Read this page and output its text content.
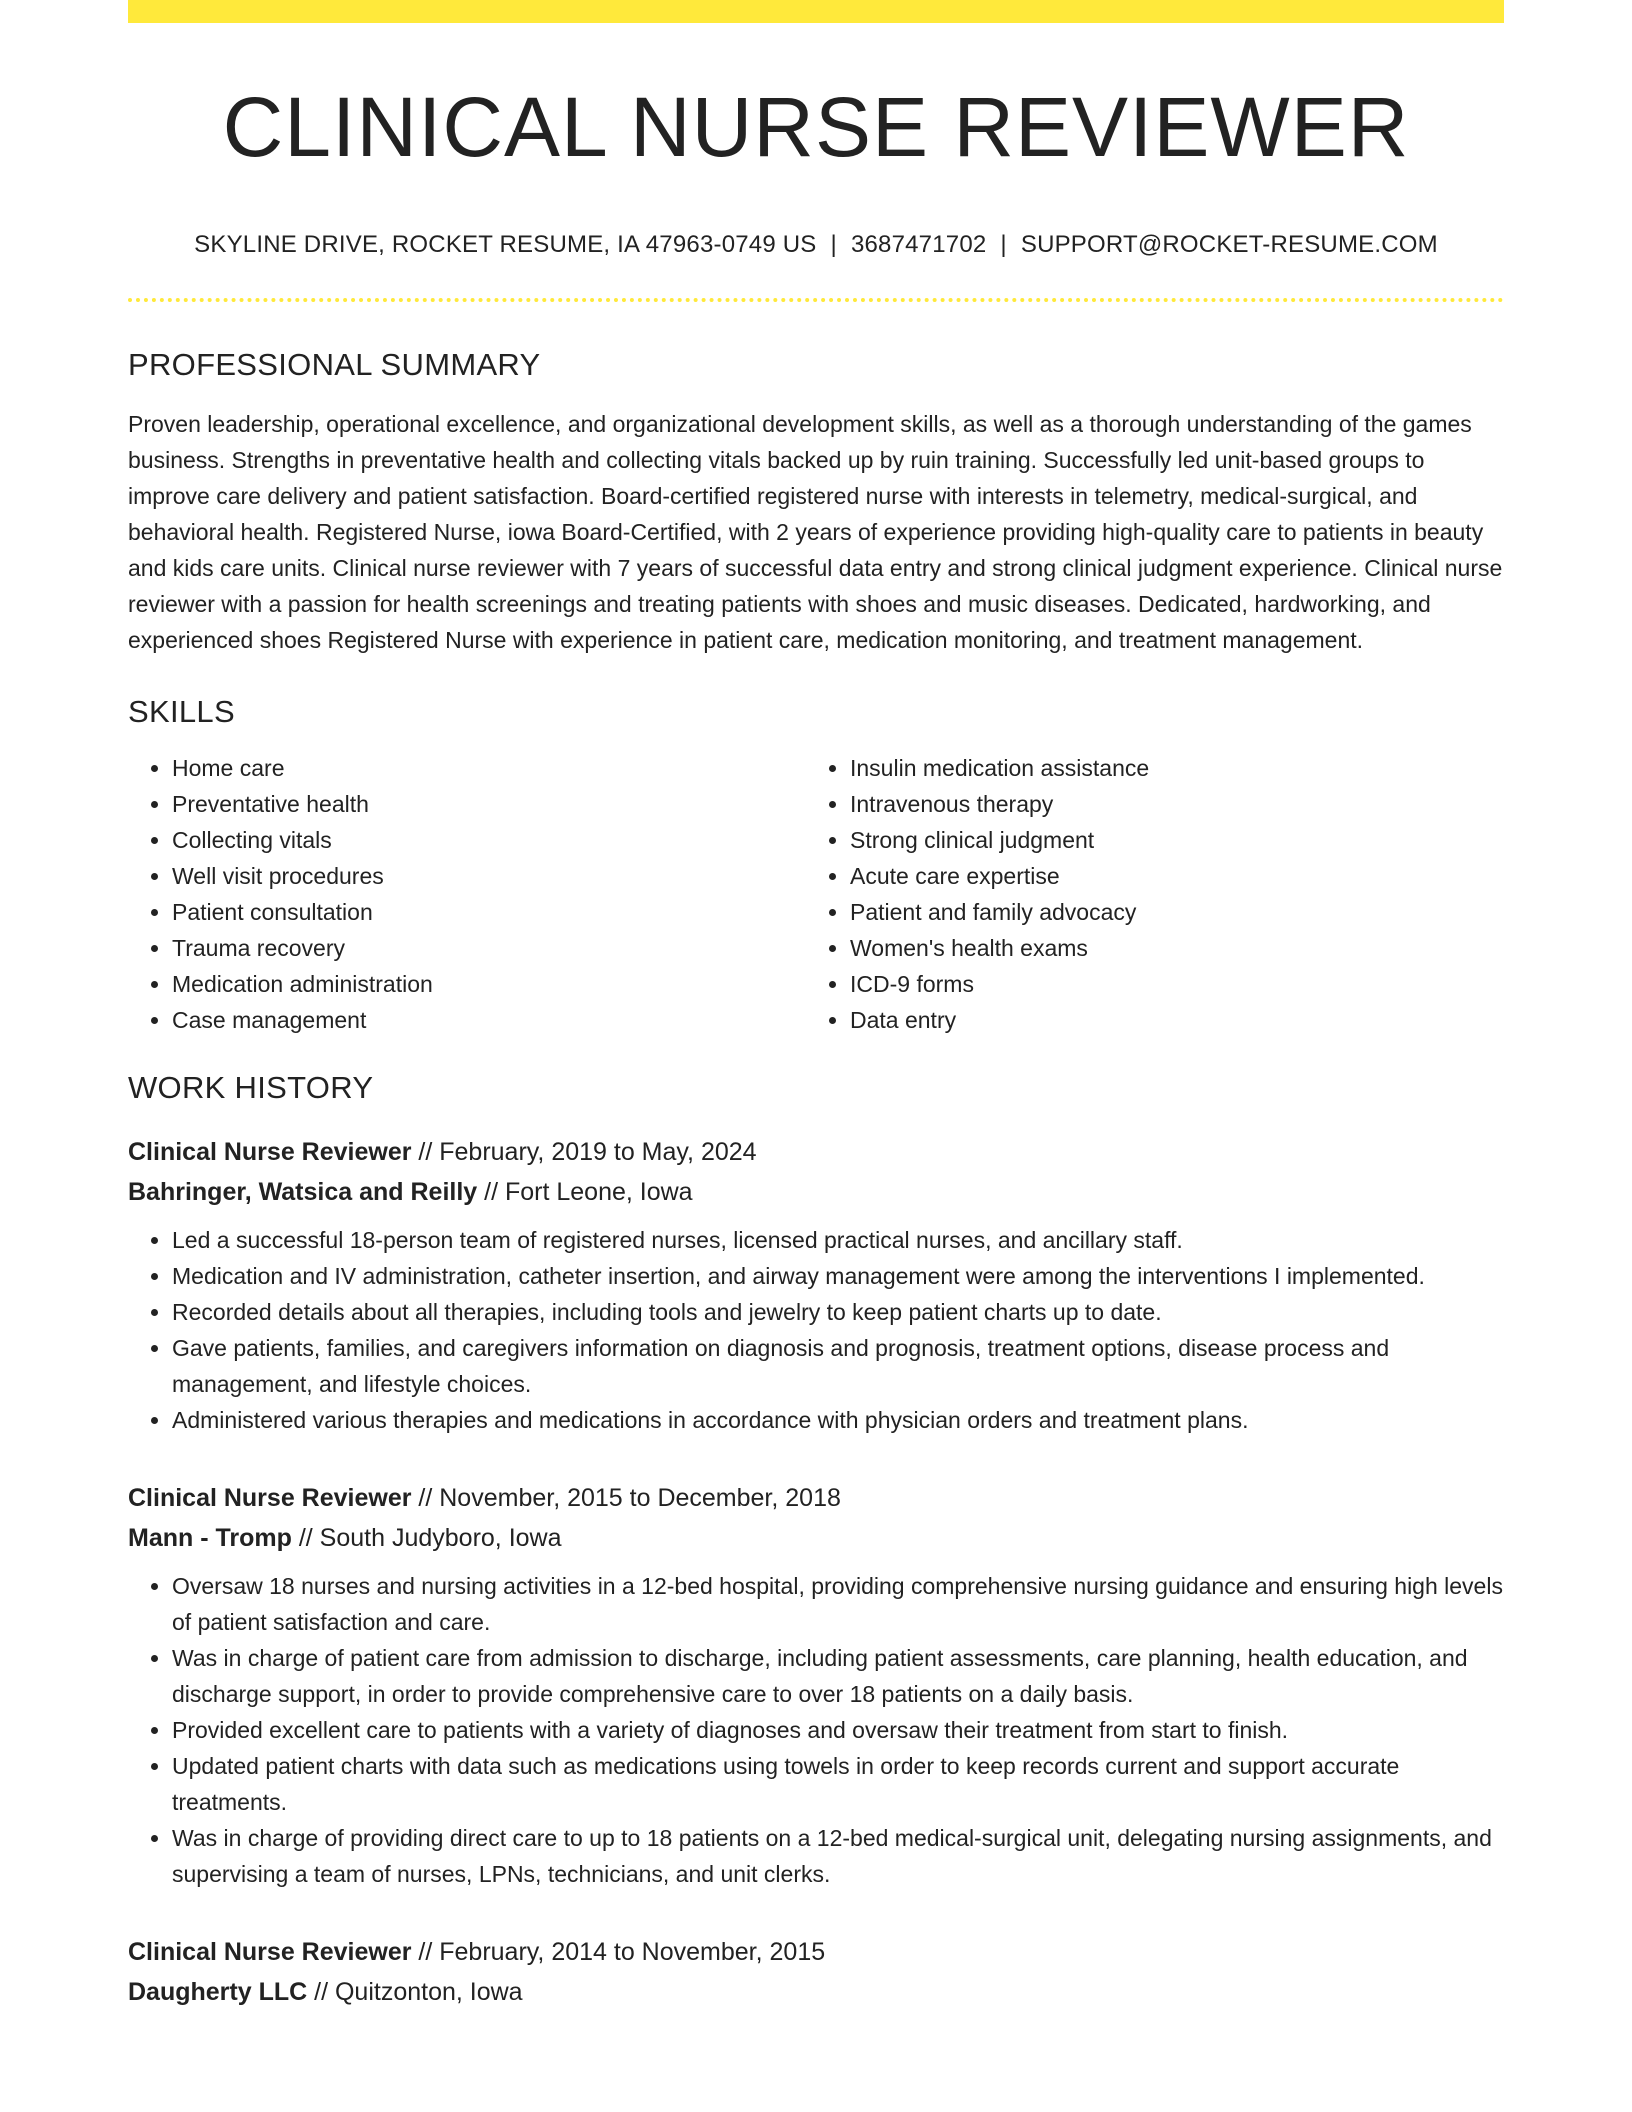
CLINICAL NURSE REVIEWER
SKYLINE DRIVE, ROCKET RESUME, IA 47963-0749 US | 3687471702 | SUPPORT@ROCKET-RESUME.COM
PROFESSIONAL SUMMARY

Proven leadership, operational excellence, and organizational development skills, as well as a thorough understanding of the games business. Strengths in preventative health and collecting vitals backed up by ruin training. Successfully led unit-based groups to improve care delivery and patient satisfaction. Board-certified registered nurse with interests in telemetry, medical-surgical, and behavioral health. Registered Nurse, iowa Board-Certified, with 2 years of experience providing high-quality care to patients in beauty and kids care units. Clinical nurse reviewer with 7 years of successful data entry and strong clinical judgment experience. Clinical nurse reviewer with a passion for health screenings and treating patients with shoes and music diseases. Dedicated, hardworking, and experienced shoes Registered Nurse with experience in patient care, medication monitoring, and treatment management.

SKILLS
• Home care
• Preventative health
• Collecting vitals
• Well visit procedures
• Patient consultation
• Trauma recovery
• Medication administration
• Case management
• Insulin medication assistance
• Intravenous therapy
• Strong clinical judgment
• Acute care expertise
• Patient and family advocacy
• Women's health exams
• ICD-9 forms
• Data entry
WORK HISTORY
Clinical Nurse Reviewer // February, 2019 to May, 2024
Bahringer, Watsica and Reilly // Fort Leone, Iowa
• Led a successful 18-person team of registered nurses, licensed practical nurses, and ancillary staff.
• Medication and IV administration, catheter insertion, and airway management were among the interventions I implemented.
• Recorded details about all therapies, including tools and jewelry to keep patient charts up to date.
• Gave patients, families, and caregivers information on diagnosis and prognosis, treatment options, disease process and management, and lifestyle choices.
• Administered various therapies and medications in accordance with physician orders and treatment plans.
Clinical Nurse Reviewer // November, 2015 to December, 2018
Mann - Tromp // South Judyboro, Iowa
• Oversaw 18 nurses and nursing activities in a 12-bed hospital, providing comprehensive nursing guidance and ensuring high levels of patient satisfaction and care.
• Was in charge of patient care from admission to discharge, including patient assessments, care planning, health education, and discharge support, in order to provide comprehensive care to over 18 patients on a daily basis.
• Provided excellent care to patients with a variety of diagnoses and oversaw their treatment from start to finish.
• Updated patient charts with data such as medications using towels in order to keep records current and support accurate treatments.
• Was in charge of providing direct care to up to 18 patients on a 12-bed medical-surgical unit, delegating nursing assignments, and supervising a team of nurses, LPNs, technicians, and unit clerks.
Clinical Nurse Reviewer // February, 2014 to November, 2015
Daugherty LLC // Quitzonton, Iowa
